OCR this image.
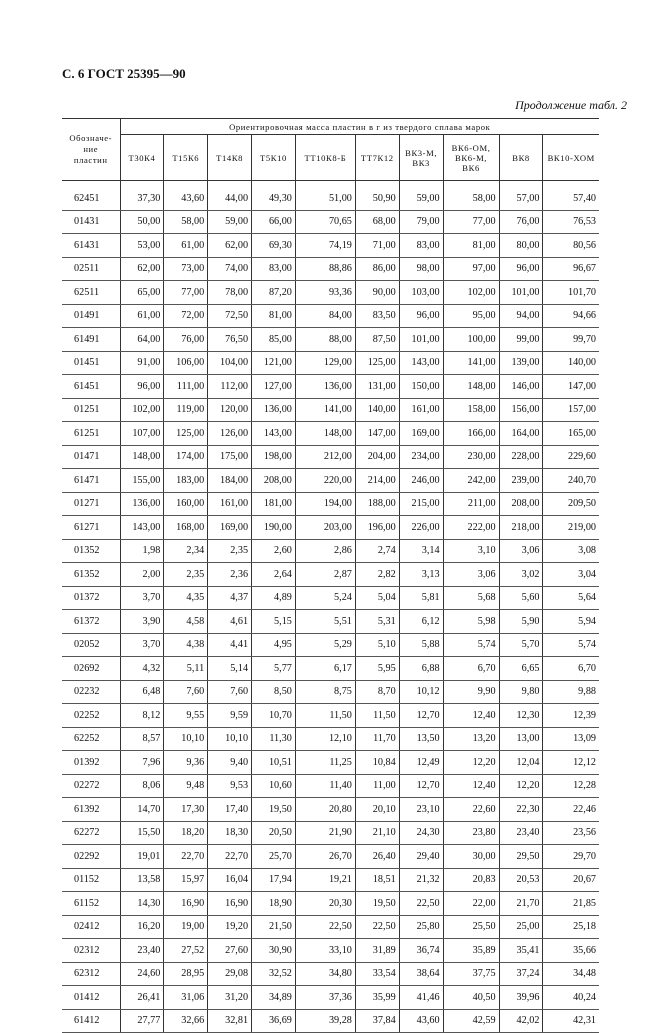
С. 6 ГОСТ 25395—90
Продолжение табл. 2
Обозначе-
ние
пластин	Ориентировочная масса пластин в г из твердого сплава марок									
	Т30К4	Т15К6	Т14К8	Т5К10	ТТ10К8-Б	ТТ7К12	ВК3-М,
ВК3	ВК6-ОМ,
ВК6-М,
ВК6	ВК8	ВК10-ХОМ
62451	37,30	43,60	44,00	49,30	51,00	50,90	59,00	58,00	57,00	57,40
01431	50,00	58,00	59,00	66,00	70,65	68,00	79,00	77,00	76,00	76,53
61431	53,00	61,00	62,00	69,30	74,19	71,00	83,00	81,00	80,00	80,56
02511	62,00	73,00	74,00	83,00	88,86	86,00	98,00	97,00	96,00	96,67
62511	65,00	77,00	78,00	87,20	93,36	90,00	103,00	102,00	101,00	101,70
01491	61,00	72,00	72,50	81,00	84,00	83,50	96,00	95,00	94,00	94,66
61491	64,00	76,00	76,50	85,00	88,00	87,50	101,00	100,00	99,00	99,70
01451	91,00	106,00	104,00	121,00	129,00	125,00	143,00	141,00	139,00	140,00
61451	96,00	111,00	112,00	127,00	136,00	131,00	150,00	148,00	146,00	147,00
01251	102,00	119,00	120,00	136,00	141,00	140,00	161,00	158,00	156,00	157,00
61251	107,00	125,00	126,00	143,00	148,00	147,00	169,00	166,00	164,00	165,00
01471	148,00	174,00	175,00	198,00	212,00	204,00	234,00	230,00	228,00	229,60
61471	155,00	183,00	184,00	208,00	220,00	214,00	246,00	242,00	239,00	240,70
01271	136,00	160,00	161,00	181,00	194,00	188,00	215,00	211,00	208,00	209,50
61271	143,00	168,00	169,00	190,00	203,00	196,00	226,00	222,00	218,00	219,00
01352	1,98	2,34	2,35	2,60	2,86	2,74	3,14	3,10	3,06	3,08
61352	2,00	2,35	2,36	2,64	2,87	2,82	3,13	3,06	3,02	3,04
01372	3,70	4,35	4,37	4,89	5,24	5,04	5,81	5,68	5,60	5,64
61372	3,90	4,58	4,61	5,15	5,51	5,31	6,12	5,98	5,90	5,94
02052	3,70	4,38	4,41	4,95	5,29	5,10	5,88	5,74	5,70	5,74
02692	4,32	5,11	5,14	5,77	6,17	5,95	6,88	6,70	6,65	6,70
02232	6,48	7,60	7,60	8,50	8,75	8,70	10,12	9,90	9,80	9,88
02252	8,12	9,55	9,59	10,70	11,50	11,50	12,70	12,40	12,30	12,39
62252	8,57	10,10	10,10	11,30	12,10	11,70	13,50	13,20	13,00	13,09
01392	7,96	9,36	9,40	10,51	11,25	10,84	12,49	12,20	12,04	12,12
02272	8,06	9,48	9,53	10,60	11,40	11,00	12,70	12,40	12,20	12,28
61392	14,70	17,30	17,40	19,50	20,80	20,10	23,10	22,60	22,30	22,46
62272	15,50	18,20	18,30	20,50	21,90	21,10	24,30	23,80	23,40	23,56
02292	19,01	22,70	22,70	25,70	26,70	26,40	29,40	30,00	29,50	29,70
01152	13,58	15,97	16,04	17,94	19,21	18,51	21,32	20,83	20,53	20,67
61152	14,30	16,90	16,90	18,90	20,30	19,50	22,50	22,00	21,70	21,85
02412	16,20	19,00	19,20	21,50	22,50	22,50	25,80	25,50	25,00	25,18
02312	23,40	27,52	27,60	30,90	33,10	31,89	36,74	35,89	35,41	35,66
62312	24,60	28,95	29,08	32,52	34,80	33,54	38,64	37,75	37,24	34,48
01412	26,41	31,06	31,20	34,89	37,36	35,99	41,46	40,50	39,96	40,24
61412	27,77	32,66	32,81	36,69	39,28	37,84	43,60	42,59	42,02	42,31
